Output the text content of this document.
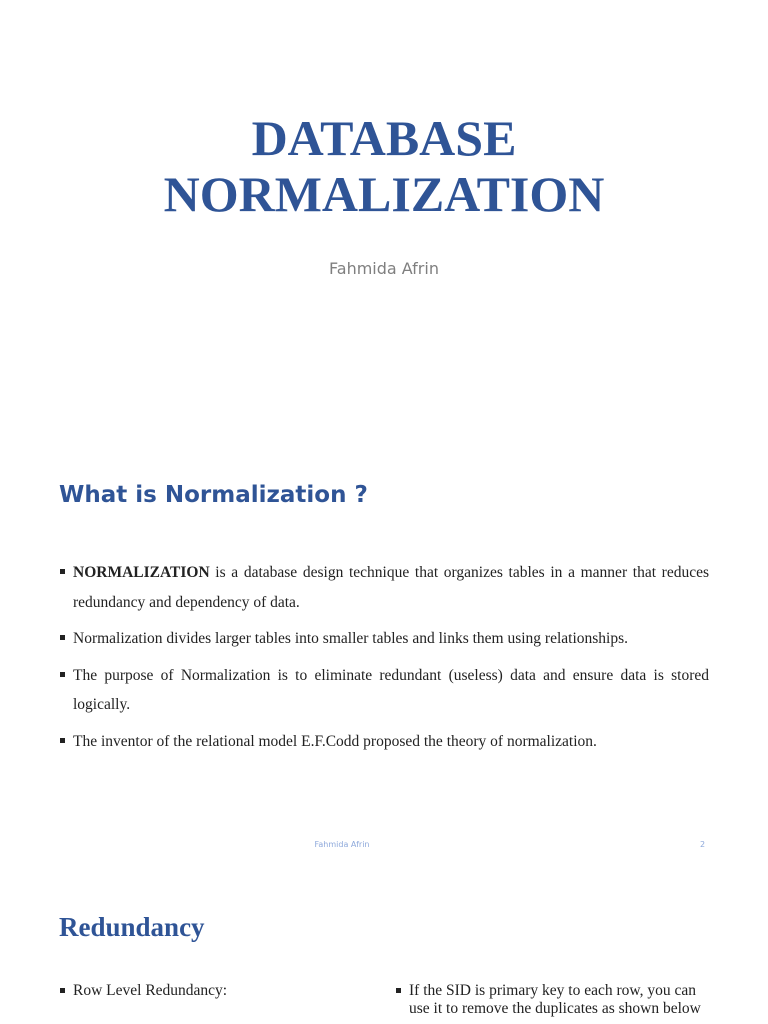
DATABASE
NORMALIZATION
Fahmida Afrin
What is Normalization ?
NORMALIZATION is a database design technique that organizes tables in a manner that reduces redundancy and dependency of data.
Normalization divides larger tables into smaller tables and links them using relationships.
The purpose of Normalization is to eliminate redundant (useless) data and ensure data is stored logically.
The inventor of the relational model E.F.Codd proposed the theory of normalization.
Fahmida Afrin	2
Redundancy
Row Level Redundancy:	If the SID is primary key to each row, you can use it to remove the duplicates as shown below
